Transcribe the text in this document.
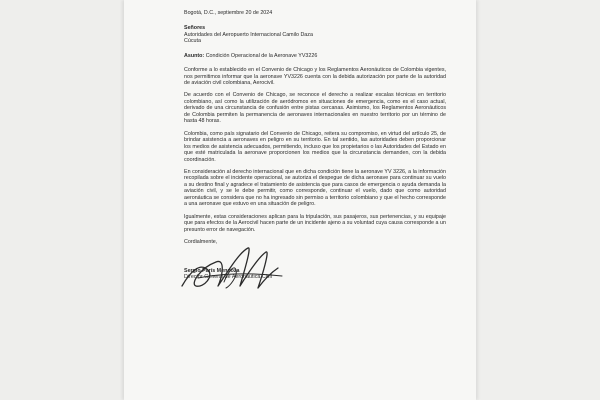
Bogotá, D.C., septiembre 20 de 2024

Señores
Autoridades del Aeropuerto Internacional Camilo Daza
Cúcuta

Asunto: Condición Operacional de la Aeronave YV3226

Conforme a lo establecido en el Convenio de Chicago y los Reglamentos Aeronáuticos de Colombia vigentes, nos permitimos informar que la aeronave YV3226 cuenta con la debida autorización por parte de la autoridad de aviación civil colombiana, Aerocivil.

De acuerdo con el Convenio de Chicago, se reconoce el derecho a realizar escalas técnicas en territorio colombiano, así como la utilización de aeródromos en situaciones de emergencia, como es el caso actual, derivado de una circunstancia de confusión entre pistas cercanas. Asimismo, los Reglamentos Aeronáuticos de Colombia permiten la permanencia de aeronaves internacionales en nuestro territorio por un término de hasta 48 horas.

Colombia, como país signatario del Convenio de Chicago, reitera su compromiso, en virtud del artículo 25, de brindar asistencia a aeronaves en peligro en su territorio. En tal sentido, las autoridades deben proporcionar los medios de asistencia adecuados, permitiendo, incluso que los propietarios o las Autoridades del Estado en que esté matriculada la aeronave proporcionen los medios que la circunstancia demanden, con la debida coordinación.

En consideración al derecho internacional que en dicha condición tiene la aeronave YV 3226, a la información recopilada sobre el incidente operacional, se autoriza el despegue de dicha aeronave para continuar su vuelo a su destino final y agradece el tratamiento de asistencia que para casos de emergencia o ayuda demanda la aviación civil, y se le debe permitir, como corresponde, continuar el vuelo, dado que como autoridad aeronáutica se considera que no ha ingresado sin permiso a territorio colombiano y que el hecho corresponde a una aeronave que estuvo en una situación de peligro.

Igualmente, estas consideraciones aplican para la tripulación, sus pasajeros, sus pertenencias, y su equipaje que para efectos de la Aerocivil hacen parte de un incidente ajeno a su voluntad cuya causa corresponde a un presunto error de navegación.

Cordialmente,

Sergio París Mendoza
Director General de Aeronáutica Civil
